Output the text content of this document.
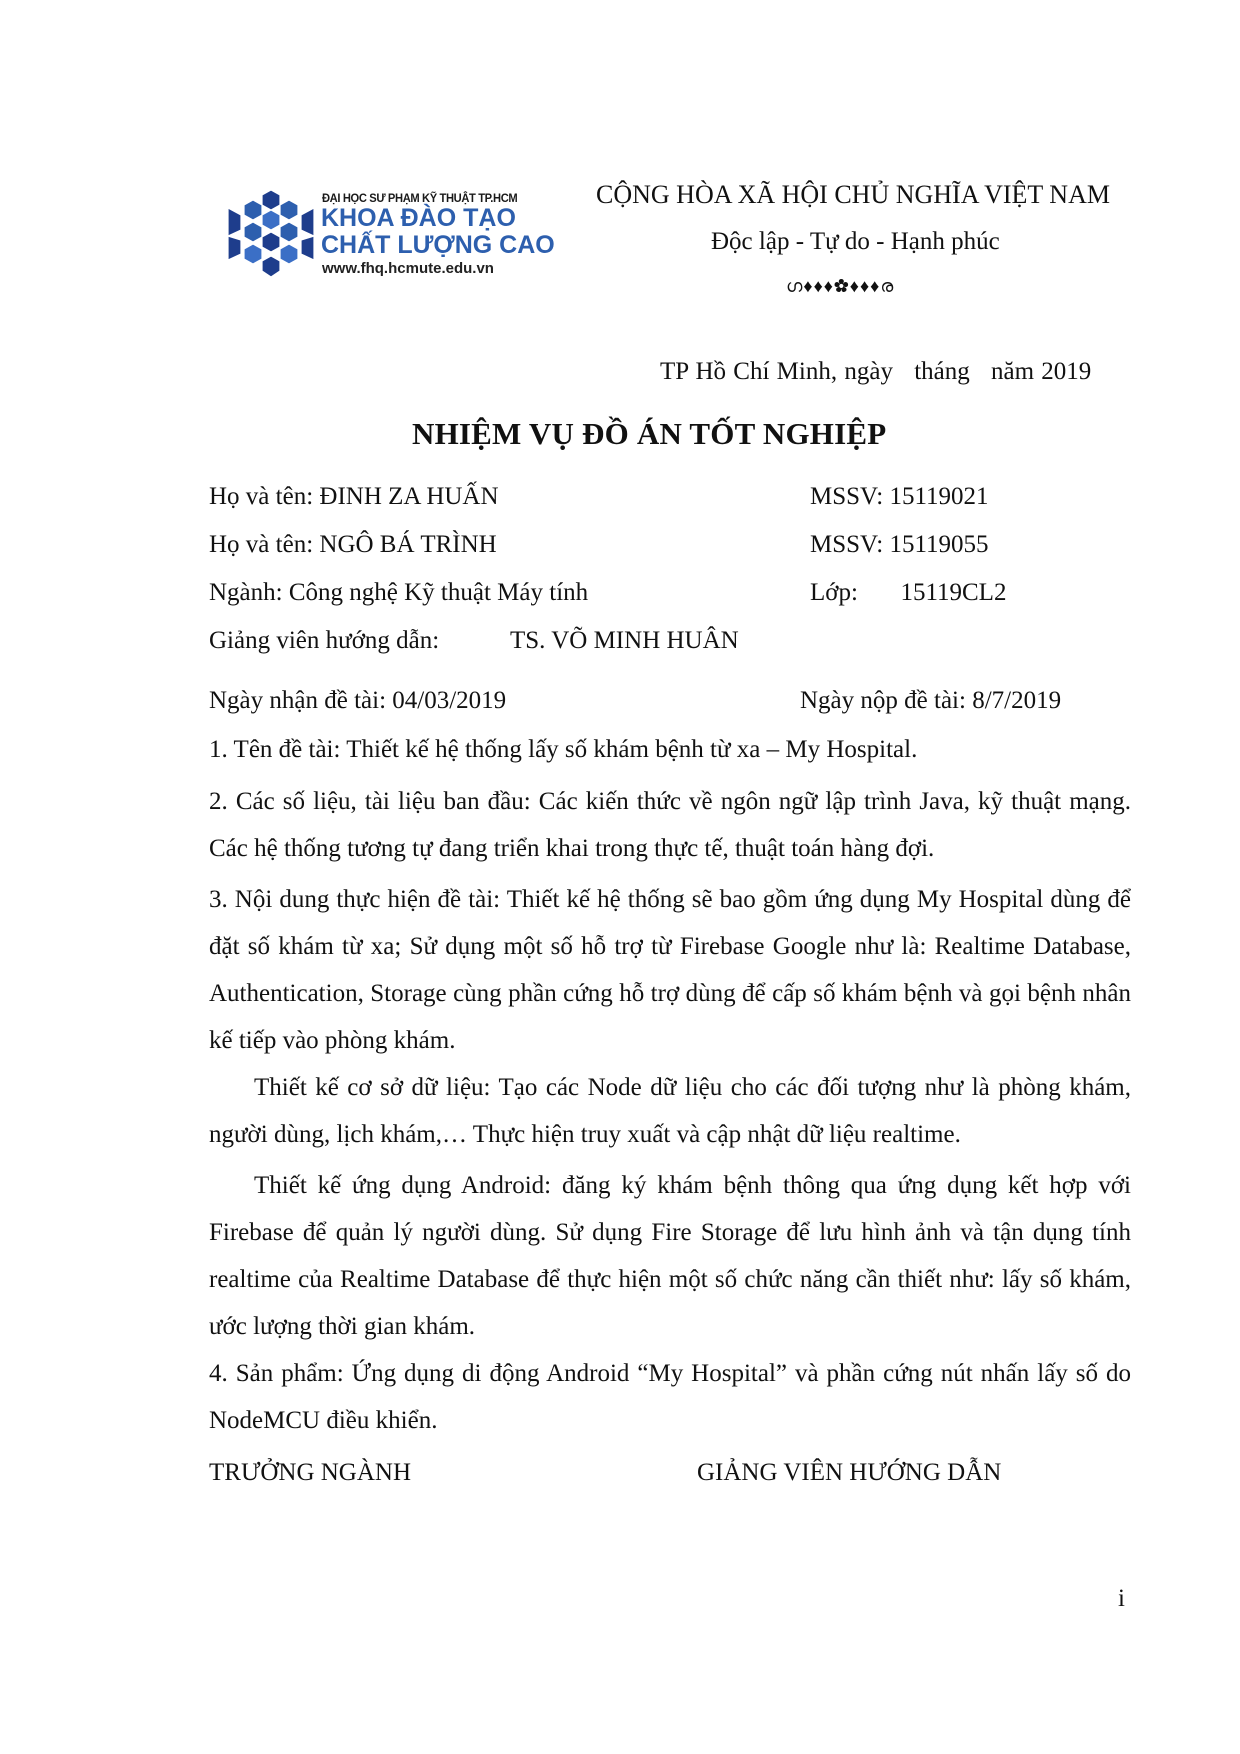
ĐẠI HỌC SƯ PHẠM KỸ THUẬT TP.HCM
KHOA ĐÀO TẠO
CHẤT LƯỢNG CAO
www.fhq.hcmute.edu.vn
CỘNG HÒA XÃ HỘI CHỦ NGHĨA VIỆT NAM
Độc lập - Tự do - Hạnh phúc
ഗ♦♦♦✿♦♦♦ര
TP Hồ Chí Minh, ngày tháng năm 2019
NHIỆM VỤ ĐỒ ÁN TỐT NGHIỆP
Họ và tên: ĐINH ZA HUẤN	MSSV: 15119021
Họ và tên: NGÔ BÁ TRÌNH	MSSV: 15119055
Ngành: Công nghệ Kỹ thuật Máy tính	Lớp: 15119CL2
Giảng viên hướng dẫn:	TS. VÕ MINH HUÂN
Ngày nhận đề tài: 04/03/2019	Ngày nộp đề tài: 8/7/2019
1. Tên đề tài: Thiết kế hệ thống lấy số khám bệnh từ xa – My Hospital.
2. Các số liệu, tài liệu ban đầu: Các kiến thức về ngôn ngữ lập trình Java, kỹ thuật mạng. Các hệ thống tương tự đang triển khai trong thực tế, thuật toán hàng đợi.
3. Nội dung thực hiện đề tài: Thiết kế hệ thống sẽ bao gồm ứng dụng My Hospital dùng để đặt số khám từ xa; Sử dụng một số hỗ trợ từ Firebase Google như là: Realtime Database, Authentication, Storage cùng phần cứng hỗ trợ dùng để cấp số khám bệnh và gọi bệnh nhân kế tiếp vào phòng khám.
Thiết kế cơ sở dữ liệu: Tạo các Node dữ liệu cho các đối tượng như là phòng khám, người dùng, lịch khám,… Thực hiện truy xuất và cập nhật dữ liệu realtime.
Thiết kế ứng dụng Android: đăng ký khám bệnh thông qua ứng dụng kết hợp với Firebase để quản lý người dùng. Sử dụng Fire Storage để lưu hình ảnh và tận dụng tính realtime của Realtime Database để thực hiện một số chức năng cần thiết như: lấy số khám, ước lượng thời gian khám.
4. Sản phẩm: Ứng dụng di động Android “My Hospital” và phần cứng nút nhấn lấy số do NodeMCU điều khiển.
TRƯỞNG NGÀNH	GIẢNG VIÊN HƯỚNG DẪN
i
